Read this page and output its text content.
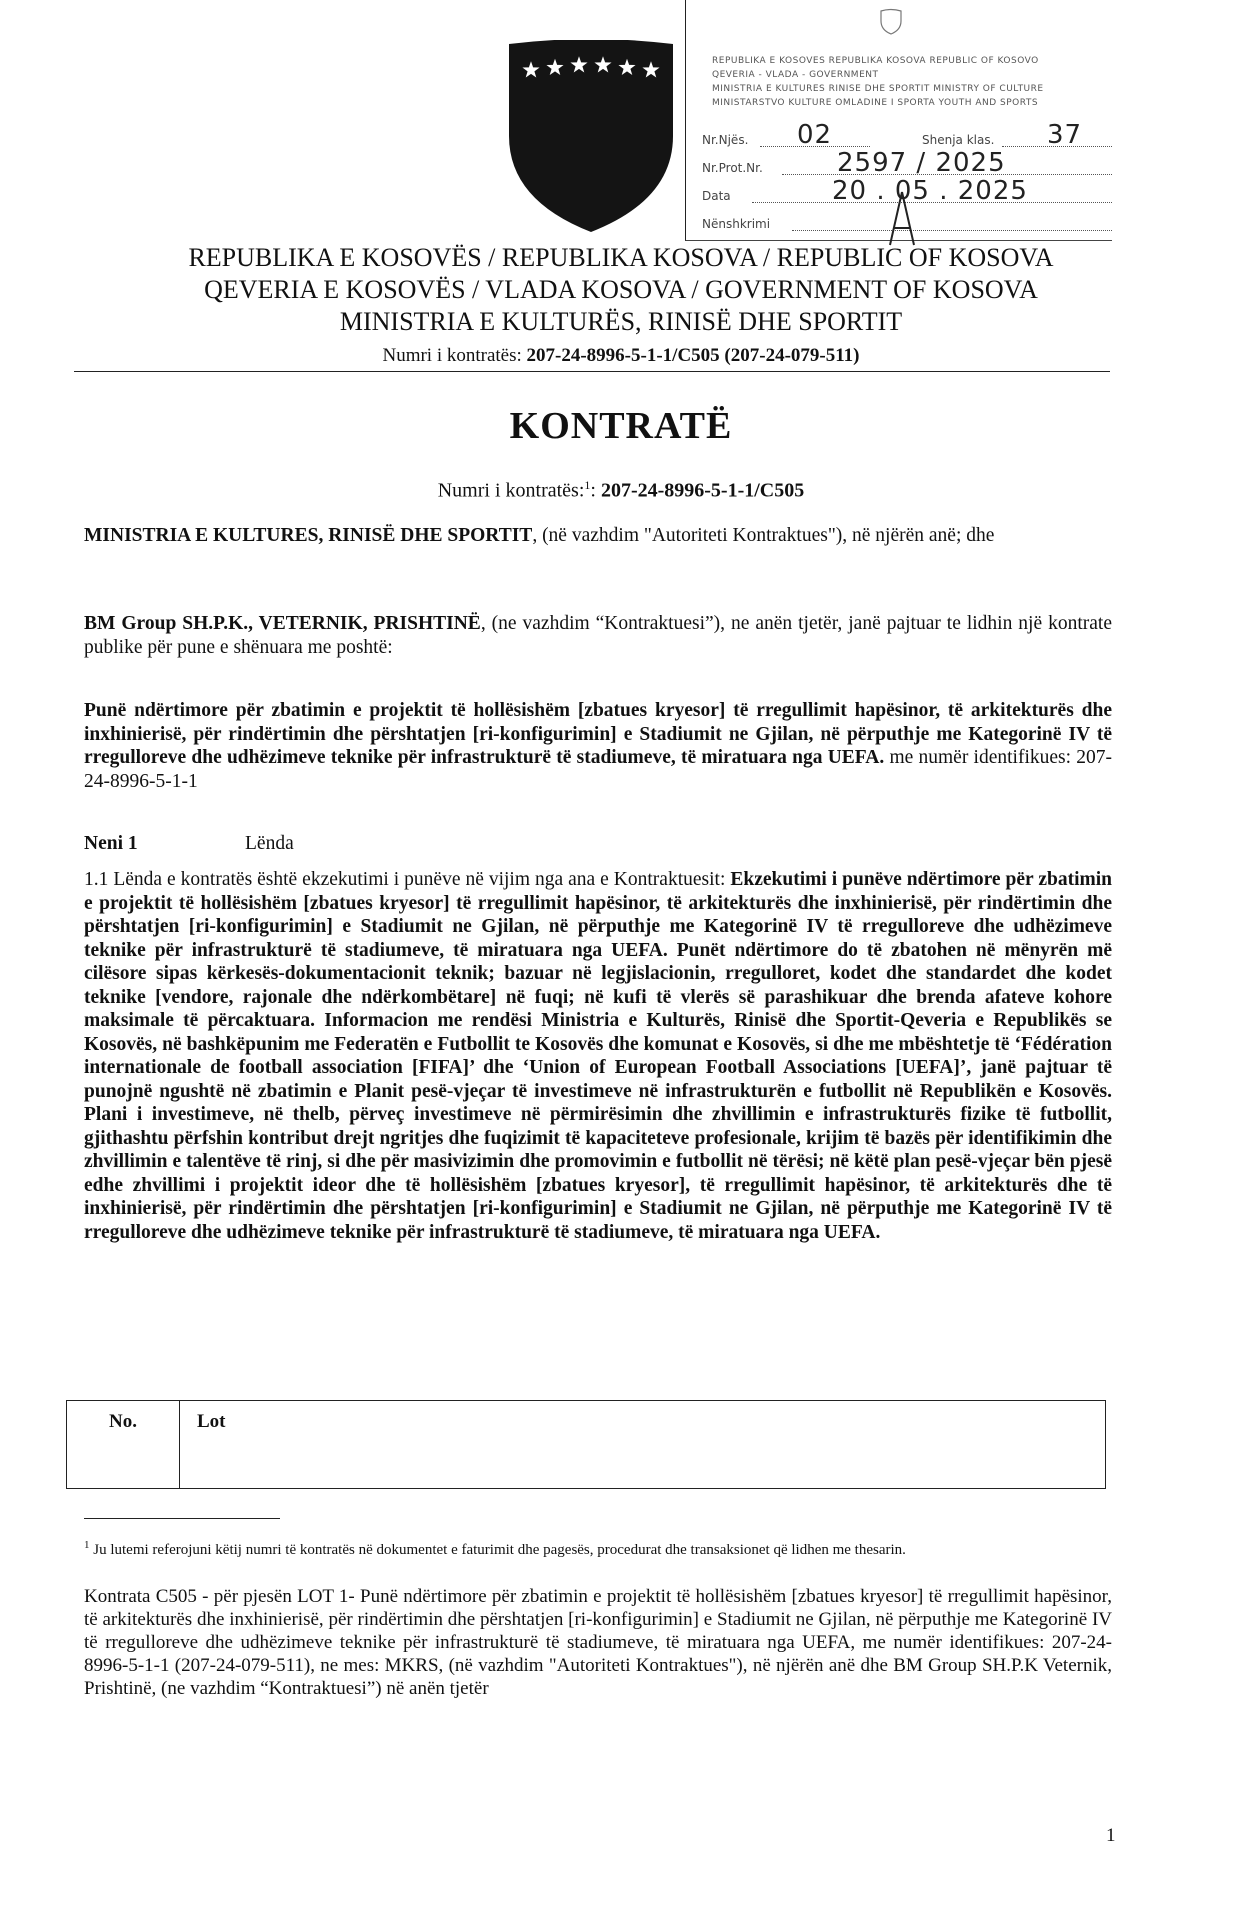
REPUBLIKA E KOSOVËS REPUBLIKA KOSOVA REPUBLIC OF KOSOVO
QEVERIA - VLADA - GOVERNMENT
MINISTRIA E KULTURËS RINISË DHE SPORTIT MINISTRY OF CULTURE
MINISTARSTVO KULTURE OMLADINE I SPORTA YOUTH AND SPORTS
Nr.Njës. 02	Shenja klas. 37
Nr.Prot.Nr.	2597 / 2025
Data	20 . 05 . 2025
Nënshkrimi
REPUBLIKA E KOSOVËS / REPUBLIKA KOSOVA / REPUBLIC OF KOSOVA
QEVERIA E KOSOVËS / VLADA KOSOVA / GOVERNMENT OF KOSOVA
MINISTRIA E KULTURËS, RINISË DHE SPORTIT
Numri i kontratës: 207-24-8996-5-1-1/C505 (207-24-079-511)
KONTRATË
Numri i kontratës:$^1$: 207-24-8996-5-1-1/C505
MINISTRIA E KULTURES, RINISË DHE SPORTIT, (në vazhdim "Autoriteti Kontraktues"), në njërën anë; dhe
BM Group SH.P.K., VETERNIK, PRISHTINË, (ne vazhdim “Kontraktuesi”), ne anën tjetër, janë pajtuar te lidhin një kontrate publike për pune e shënuara me poshtë:
Punë ndërtimore për zbatimin e projektit të hollësishëm [zbatues kryesor] të rregullimit hapësinor, të arkitekturës dhe inxhinierisë, për rindërtimin dhe përshtatjen [ri-konfigurimin] e Stadiumit ne Gjilan, në përputhje me Kategorinë IV të rregulloreve dhe udhëzimeve teknike për infrastrukturë të stadiumeve, të miratuara nga UEFA. me numër identifikues: 207-24-8996-5-1-1
Neni 1	Lënda
1.1 Lënda e kontratës është ekzekutimi i punëve në vijim nga ana e Kontraktuesit: Ekzekutimi i punëve ndërtimore për zbatimin e projektit të hollësishëm [zbatues kryesor] të rregullimit hapësinor, të arkitekturës dhe inxhinierisë, për rindërtimin dhe përshtatjen [ri-konfigurimin] e Stadiumit ne Gjilan, në përputhje me Kategorinë IV të rregulloreve dhe udhëzimeve teknike për infrastrukturë të stadiumeve, të miratuara nga UEFA. Punët ndërtimore do të zbatohen në mënyrën më cilësore sipas kërkesës-dokumentacionit teknik; bazuar në legjislacionin, rregulloret, kodet dhe standardet dhe kodet teknike [vendore, rajonale dhe ndërkombëtare] në fuqi; në kufi të vlerës së parashikuar dhe brenda afateve kohore maksimale të përcaktuara. Informacion me rendësi Ministria e Kulturës, Rinisë dhe Sportit-Qeveria e Republikës se Kosovës, në bashkëpunim me Federatën e Futbollit te Kosovës dhe komunat e Kosovës, si dhe me mbështetje të ‘Fédération internationale de football association [FIFA]’ dhe ‘Union of European Football Associations [UEFA]’, janë pajtuar të punojnë ngushtë në zbatimin e Planit pesë-vjeçar të investimeve në infrastrukturën e futbollit në Republikën e Kosovës. Plani i investimeve, në thelb, përveç investimeve në përmirësimin dhe zhvillimin e infrastrukturës fizike të futbollit, gjithashtu përfshin kontribut drejt ngritjes dhe fuqizimit të kapaciteteve profesionale, krijim të bazës për identifikimin dhe zhvillimin e talentëve të rinj, si dhe për masivizimin dhe promovimin e futbollit në tërësi; në këtë plan pesë-vjeçar bën pjesë edhe zhvillimi i projektit ideor dhe të hollësishëm [zbatues kryesor], të rregullimit hapësinor, të arkitekturës dhe të inxhinierisë, për rindërtimin dhe përshtatjen [ri-konfigurimin] e Stadiumit ne Gjilan, në përputhje me Kategorinë IV të rregulloreve dhe udhëzimeve teknike për infrastrukturë të stadiumeve, të miratuara nga UEFA.
No.	Lot
$^1$ Ju lutemi referojuni këtij numri të kontratës në dokumentet e faturimit dhe pagesës, procedurat dhe transaksionet që lidhen me thesarin.
Kontrata C505 - për pjesën LOT 1- Punë ndërtimore për zbatimin e projektit të hollësishëm [zbatues kryesor] të rregullimit hapësinor, të arkitekturës dhe inxhinierisë, për rindërtimin dhe përshtatjen [ri-konfigurimin] e Stadiumit ne Gjilan, në përputhje me Kategorinë IV të rregulloreve dhe udhëzimeve teknike për infrastrukturë të stadiumeve, të miratuara nga UEFA, me numër identifikues: 207-24-8996-5-1-1 (207-24-079-511), ne mes: MKRS, (në vazhdim "Autoriteti Kontraktues"), në njërën anë dhe BM Group SH.P.K Veternik, Prishtinë, (ne vazhdim “Kontraktuesi”) në anën tjetër
1
